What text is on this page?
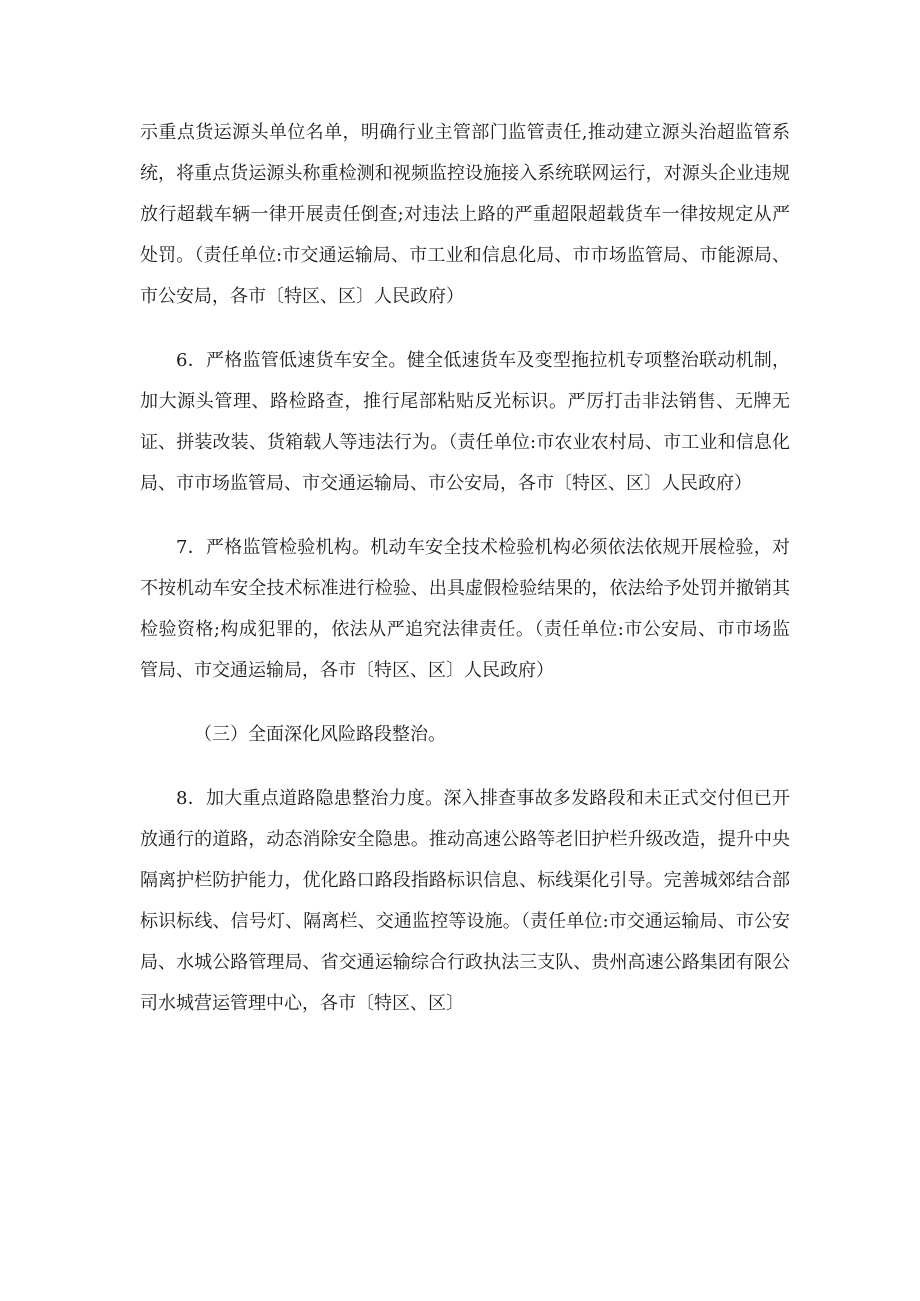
示重点货运源头单位名单，明确行业主管部门监管责任,推动建立源头治超监管系统，将重点货运源头称重检测和视频监控设施接入系统联网运行，对源头企业违规放行超载车辆一律开展责任倒查;对违法上路的严重超限超载货车一律按规定从严处罚。（责任单位:市交通运输局、市工业和信息化局、市市场监管局、市能源局、市公安局，各市〔特区、区〕人民政府）

6．严格监管低速货车安全。健全低速货车及变型拖拉机专项整治联动机制，加大源头管理、路检路查，推行尾部粘贴反光标识。严厉打击非法销售、无牌无证、拼装改装、货箱载人等违法行为。（责任单位:市农业农村局、市工业和信息化局、市市场监管局、市交通运输局、市公安局，各市〔特区、区〕人民政府）

7．严格监管检验机构。机动车安全技术检验机构必须依法依规开展检验，对不按机动车安全技术标准进行检验、出具虚假检验结果的，依法给予处罚并撤销其检验资格;构成犯罪的，依法从严追究法律责任。（责任单位:市公安局、市市场监管局、市交通运输局，各市〔特区、区〕人民政府）

（三）全面深化风险路段整治。

8．加大重点道路隐患整治力度。深入排查事故多发路段和未正式交付但已开放通行的道路，动态消除安全隐患。推动高速公路等老旧护栏升级改造，提升中央隔离护栏防护能力，优化路口路段指路标识信息、标线渠化引导。完善城郊结合部标识标线、信号灯、隔离栏、交通监控等设施。（责任单位:市交通运输局、市公安局、水城公路管理局、省交通运输综合行政执法三支队、贵州高速公路集团有限公司水城营运管理中心，各市〔特区、区〕
